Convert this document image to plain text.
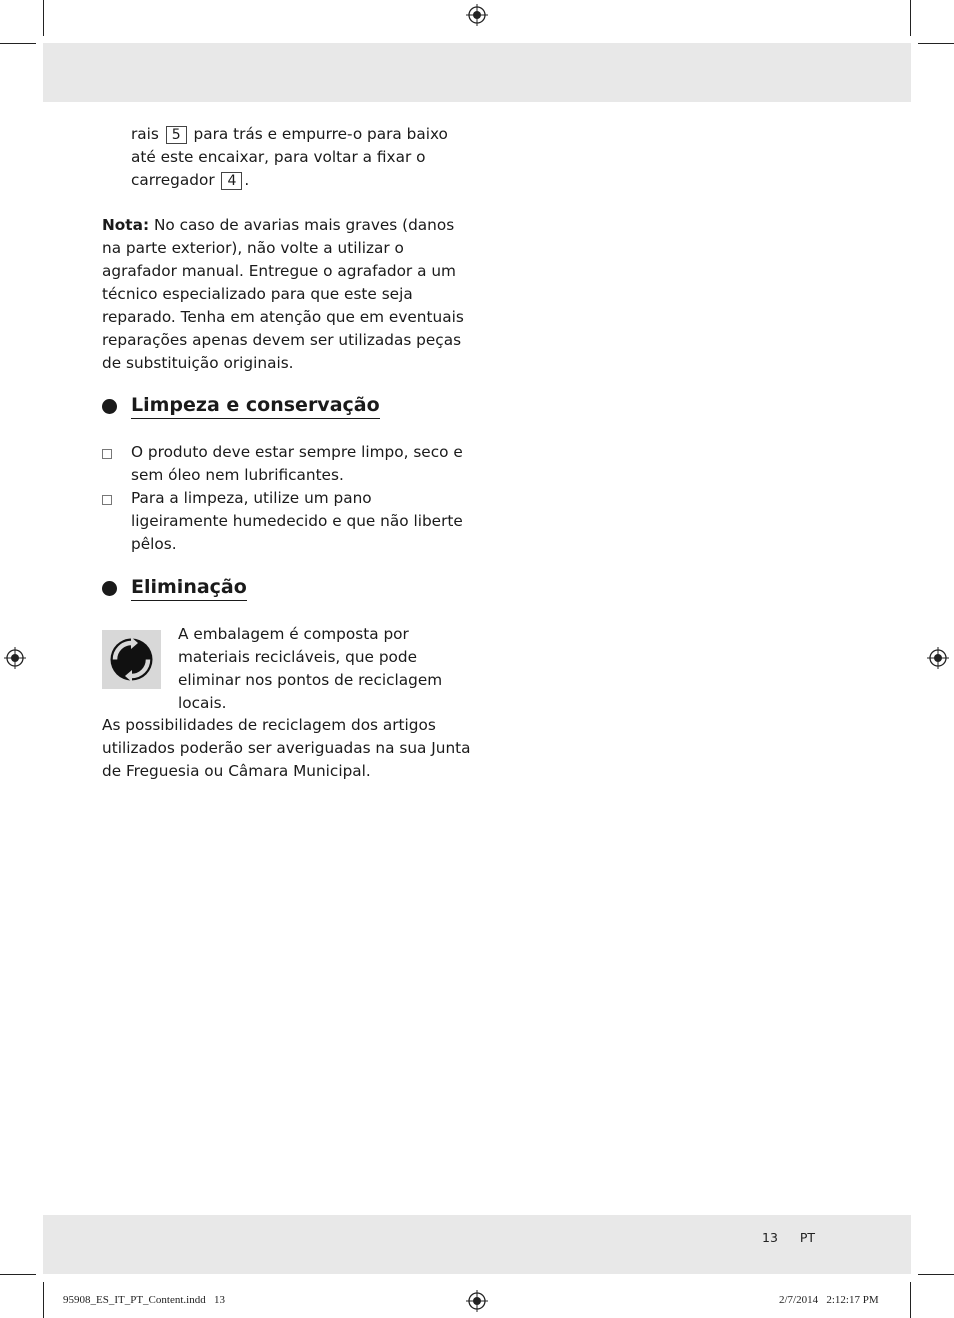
rais 5 para trás e empurre-o para baixo até este encaixar, para voltar a fixar o carregador 4 .

Nota: No caso de avarias mais graves (danos na parte exterior), não volte a utilizar o agrafador manual. Entregue o agrafador a um técnico especializado para que este seja reparado. Tenha em atenção que em eventuais reparações apenas devem ser utilizadas peças de substituição originais.

Limpeza e conservação
O produto deve estar sempre limpo, seco e sem óleo nem lubrificantes.
Para a limpeza, utilize um pano ligeiramente humedecido e que não liberte pêlos.
Eliminação

A embalagem é composta por materiais recicláveis, que pode eliminar nos pontos de reciclagem locais.

As possibilidades de reciclagem dos artigos utilizados poderão ser averiguadas na sua Junta de Freguesia ou Câmara Municipal.

13 PT
95908_ES_IT_PT_Content.indd   13	2/7/2014   2:12:17 PM
